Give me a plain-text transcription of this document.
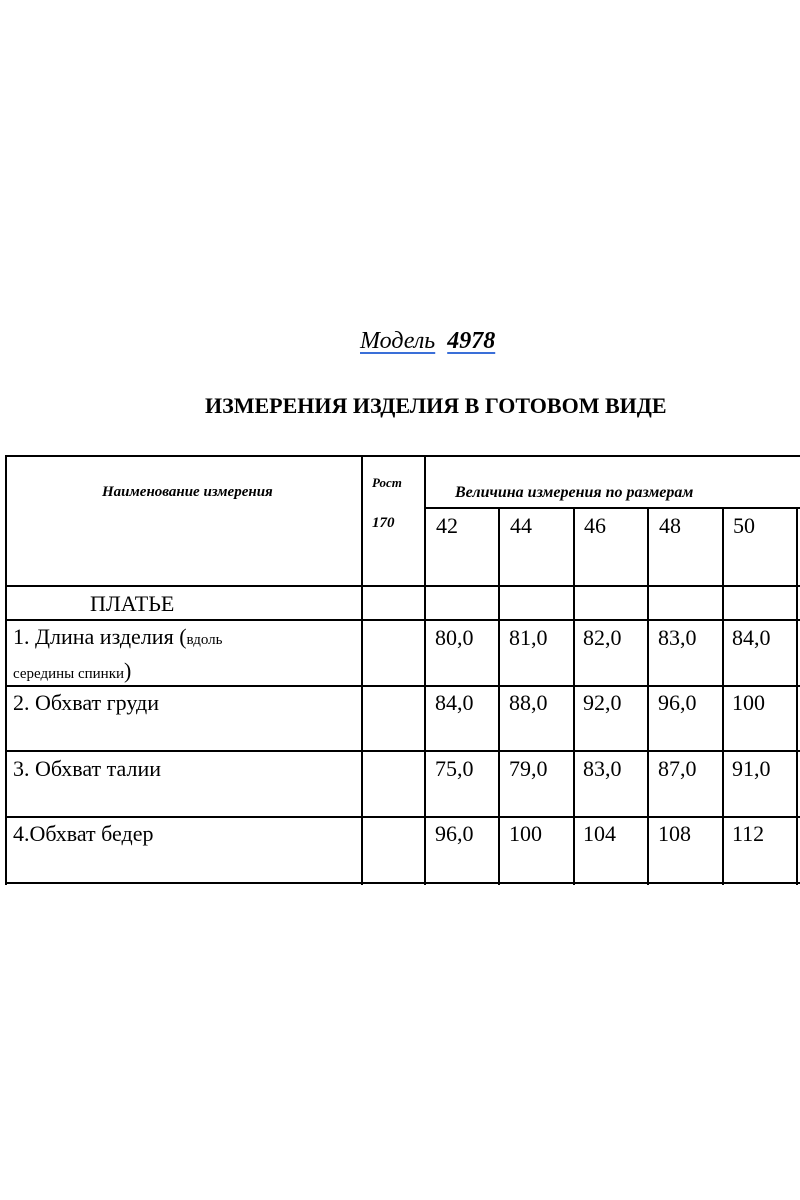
Модель 4978
ИЗМЕРЕНИЯ ИЗДЕЛИЯ В ГОТОВОМ ВИДЕ
Наименование измерения
Рост
170
Величина измерения по размерам
42 44 46 48 50
ПЛАТЬЕ
1. Длина изделия (вдоль
середины спинки)
80,0 81,0 82,0 83,0 84,0
2. Обхват груди	84,0 88,0 92,0 96,0 100
3. Обхват талии	75,0 79,0 83,0 87,0 91,0
4.Обхват бедер	96,0 100 104 108 112
